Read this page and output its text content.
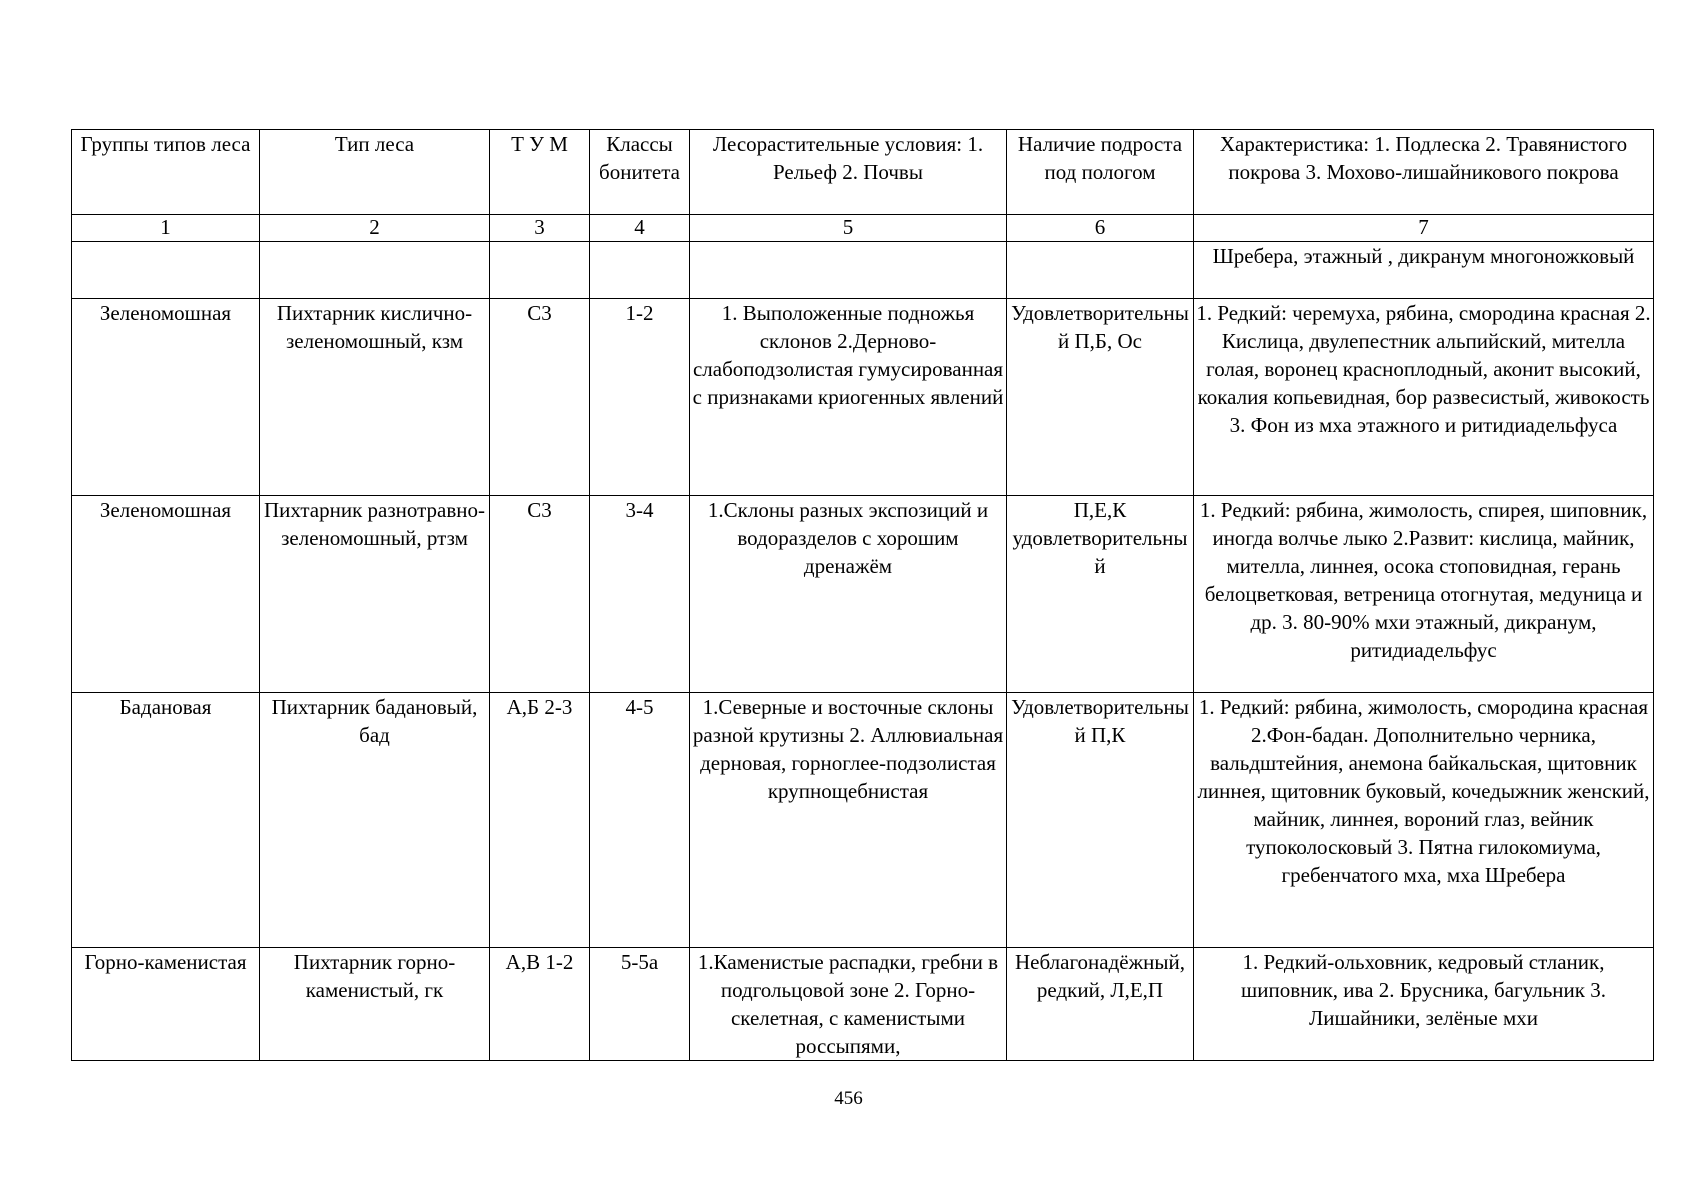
Группы типов леса	Тип леса	Т У М	Классы бонитета	Лесорастительные условия: 1. Рельеф 2. Почвы	Наличие подроста под пологом	Характеристика: 1. Подлеска 2. Травянистого покрова 3. Мохово-лишайникового покрова
1	2	3	4	5	6	7
						Шребера, этажный , дикранум многоножковый
Зеленомошная	Пихтарник кислично-зеленомошный, кзм	С3	1-2	1. Выположенные подножья склонов 2.Дерново-слабоподзолистая гумусированная с признаками криогенных явлений	Удовлетворительный П,Б, Ос	1. Редкий: черемуха, рябина, смородина красная 2. Кислица, двулепестник альпийский, мителла голая, воронец красноплодный, аконит высокий, кокалия копьевидная, бор развесистый, живокость 3. Фон из мха этажного и ритидиадельфуса
Зеленомошная	Пихтарник разнотравно-зеленомошный, ртзм	С3	3-4	1.Склоны разных экспозиций и водоразделов с хорошим дренажём	П,Е,К удовлетворительный	1. Редкий: рябина, жимолость, спирея, шиповник, иногда волчье лыко 2.Развит: кислица, майник, мителла, линнея, осока стоповидная, герань белоцветковая, ветреница отогнутая, медуница и др. 3. 80-90% мхи этажный, дикранум, ритидиадельфус
Бадановая	Пихтарник бадановый, бад	А,Б 2-3	4-5	1.Северные и восточные склоны разной крутизны 2. Аллювиальная дерновая, горноглее-подзолистая крупнощебнистая	Удовлетворительный П,К	1. Редкий: рябина, жимолость, смородина красная 2.Фон-бадан. Дополнительно черника, вальдштейния, анемона байкальская, щитовник линнея, щитовник буковый, кочедыжник женский, майник, линнея, вороний глаз, вейник тупоколосковый 3. Пятна гилокомиума, гребенчатого мха, мха Шребера
Горно-каменистая	Пихтарник горно-каменистый, гк	А,В 1-2	5-5а	1.Каменистые распадки, гребни в подгольцовой зоне 2. Горно-скелетная, с каменистыми россыпями,	Неблагонадёжный, редкий, Л,Е,П	1. Редкий-ольховник, кедровый стланик, шиповник, ива 2. Брусника, багульник 3. Лишайники, зелёные мхи
456
